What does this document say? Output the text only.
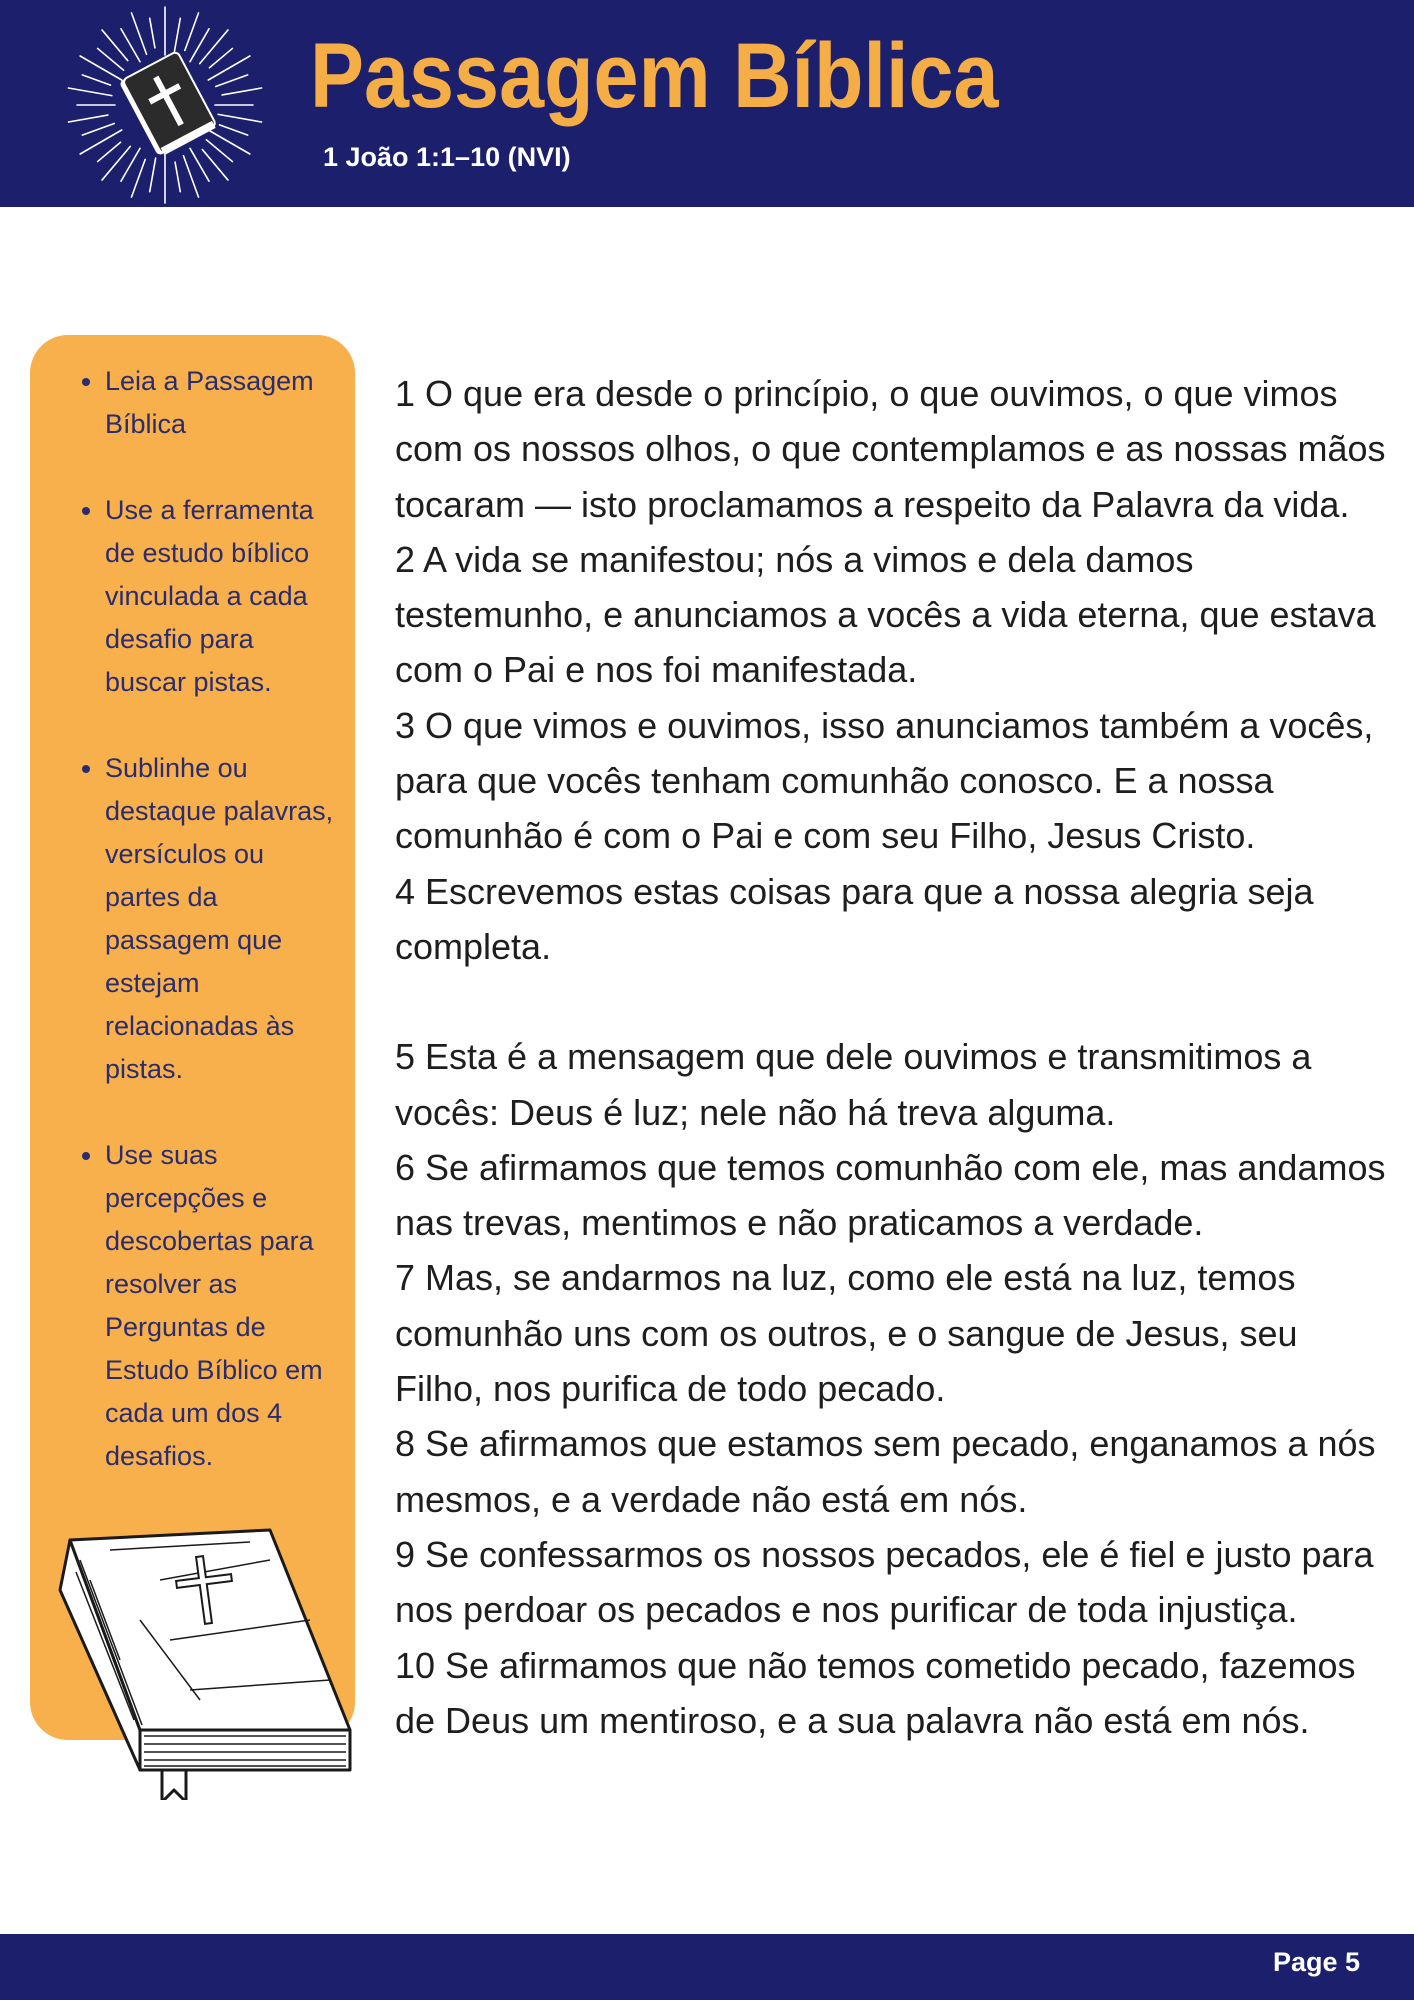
Passagem Bíblica
1 João 1:1–10 (NVI)
• Leia a Passagem Bíblica
• Use a ferramenta de estudo bíblico vinculada a cada desafio para buscar pistas.
• Sublinhe ou destaque palavras, versículos ou partes da passagem que estejam relacionadas às pistas.
• Use suas percepções e descobertas para resolver as Perguntas de Estudo Bíblico em cada um dos 4 desafios.

1 O que era desde o princípio, o que ouvimos, o que vimos com os nossos olhos, o que contemplamos e as nossas mãos tocaram — isto proclamamos a respeito da Palavra da vida.
2 A vida se manifestou; nós a vimos e dela damos testemunho, e anunciamos a vocês a vida eterna, que estava com o Pai e nos foi manifestada.
3 O que vimos e ouvimos, isso anunciamos também a vocês, para que vocês tenham comunhão conosco. E a nossa comunhão é com o Pai e com seu Filho, Jesus Cristo.
4 Escrevemos estas coisas para que a nossa alegria seja completa.

5 Esta é a mensagem que dele ouvimos e transmitimos a vocês: Deus é luz; nele não há treva alguma.
6 Se afirmamos que temos comunhão com ele, mas andamos nas trevas, mentimos e não praticamos a verdade.
7 Mas, se andarmos na luz, como ele está na luz, temos comunhão uns com os outros, e o sangue de Jesus, seu Filho, nos purifica de todo pecado.
8 Se afirmamos que estamos sem pecado, enganamos a nós mesmos, e a verdade não está em nós.
9 Se confessarmos os nossos pecados, ele é fiel e justo para nos perdoar os pecados e nos purificar de toda injustiça.
10 Se afirmamos que não temos cometido pecado, fazemos de Deus um mentiroso, e a sua palavra não está em nós.

Page 5
